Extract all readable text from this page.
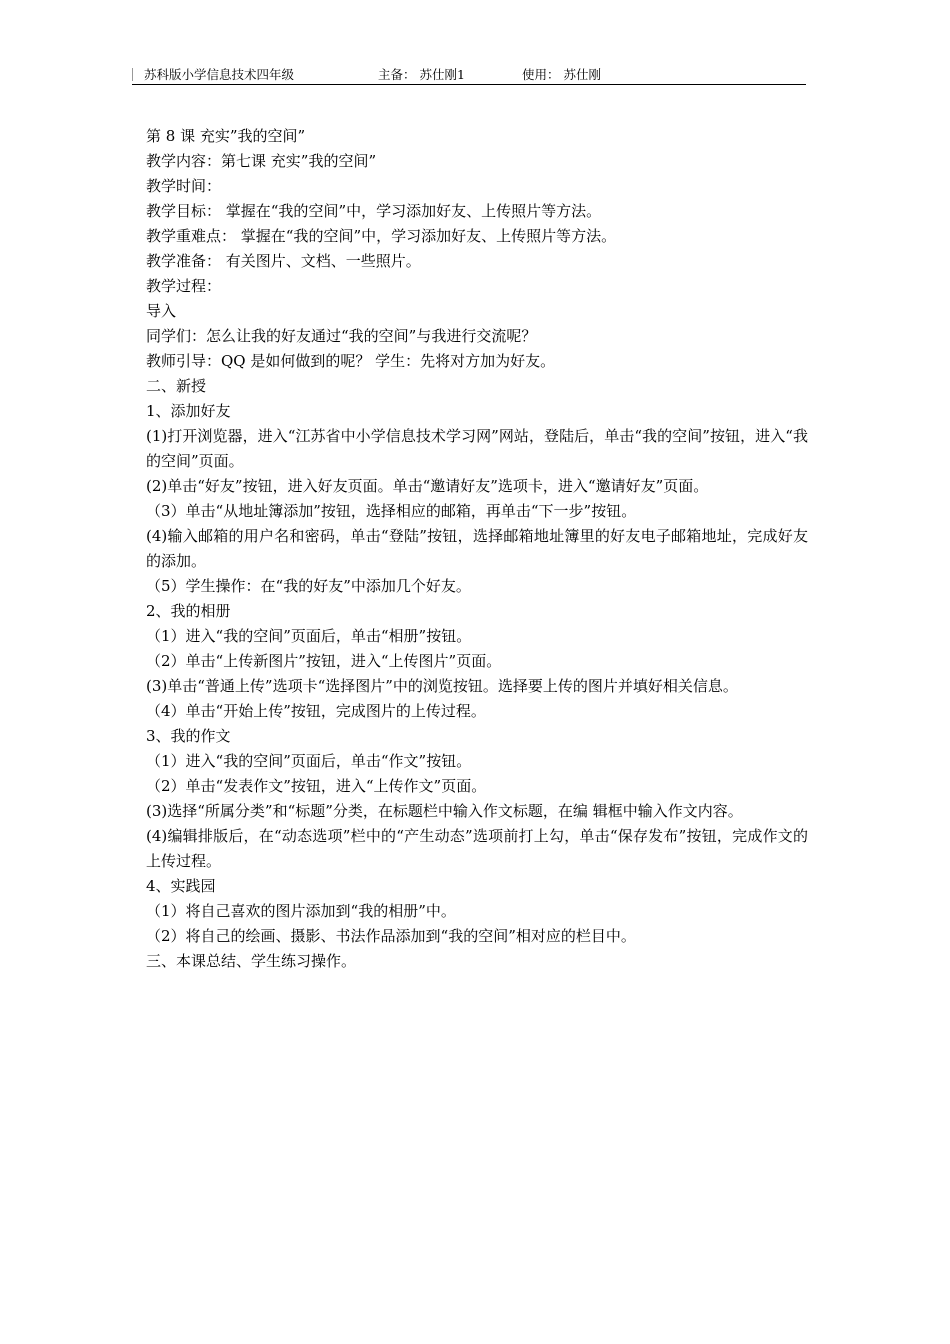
苏科版小学信息技术四年级	主备： 苏仕刚1	使用： 苏仕刚

第 8 课 充实”我的空间”

教学内容：第七课 充实”我的空间”

教学时间：

教学目标： 掌握在“我的空间”中，学习添加好友、上传照片等方法。

教学重难点： 掌握在“我的空间”中，学习添加好友、上传照片等方法。

教学准备： 有关图片、文档、一些照片。

教学过程：

导入

同学们：怎么让我的好友通过“我的空间”与我进行交流呢？

教师引导：QQ 是如何做到的呢？ 学生：先将对方加为好友。

二、新授

1、添加好友

(1)打开浏览器，进入“江苏省中小学信息技术学习网”网站，登陆后，单击“我的空间”按钮，进入“我的空间”页面。

(2)单击“好友”按钮，进入好友页面。单击“邀请好友”选项卡，进入“邀请好友”页面。

（3）单击“从地址簿添加”按钮，选择相应的邮箱，再单击“下一步”按钮。

(4)输入邮箱的用户名和密码，单击“登陆”按钮，选择邮箱地址簿里的好友电子邮箱地址，完成好友的添加。

（5）学生操作：在“我的好友”中添加几个好友。

2、我的相册

（1）进入“我的空间”页面后，单击“相册”按钮。

（2）单击“上传新图片”按钮，进入“上传图片”页面。

(3)单击“普通上传”选项卡“选择图片”中的浏览按钮。选择要上传的图片并填好相关信息。

（4）单击“开始上传”按钮，完成图片的上传过程。

3、我的作文

（1）进入“我的空间”页面后，单击“作文”按钮。

（2）单击“发表作文”按钮，进入“上传作文”页面。

(3)选择“所属分类”和“标题”分类，在标题栏中输入作文标题，在编 辑框中输入作文内容。

(4)编辑排版后，在“动态选项”栏中的“产生动态”选项前打上勾，单击“保存发布”按钮，完成作文的上传过程。

4、实践园

（1）将自己喜欢的图片添加到“我的相册”中。

（2）将自己的绘画、摄影、书法作品添加到“我的空间”相对应的栏目中。

三、本课总结、学生练习操作。
